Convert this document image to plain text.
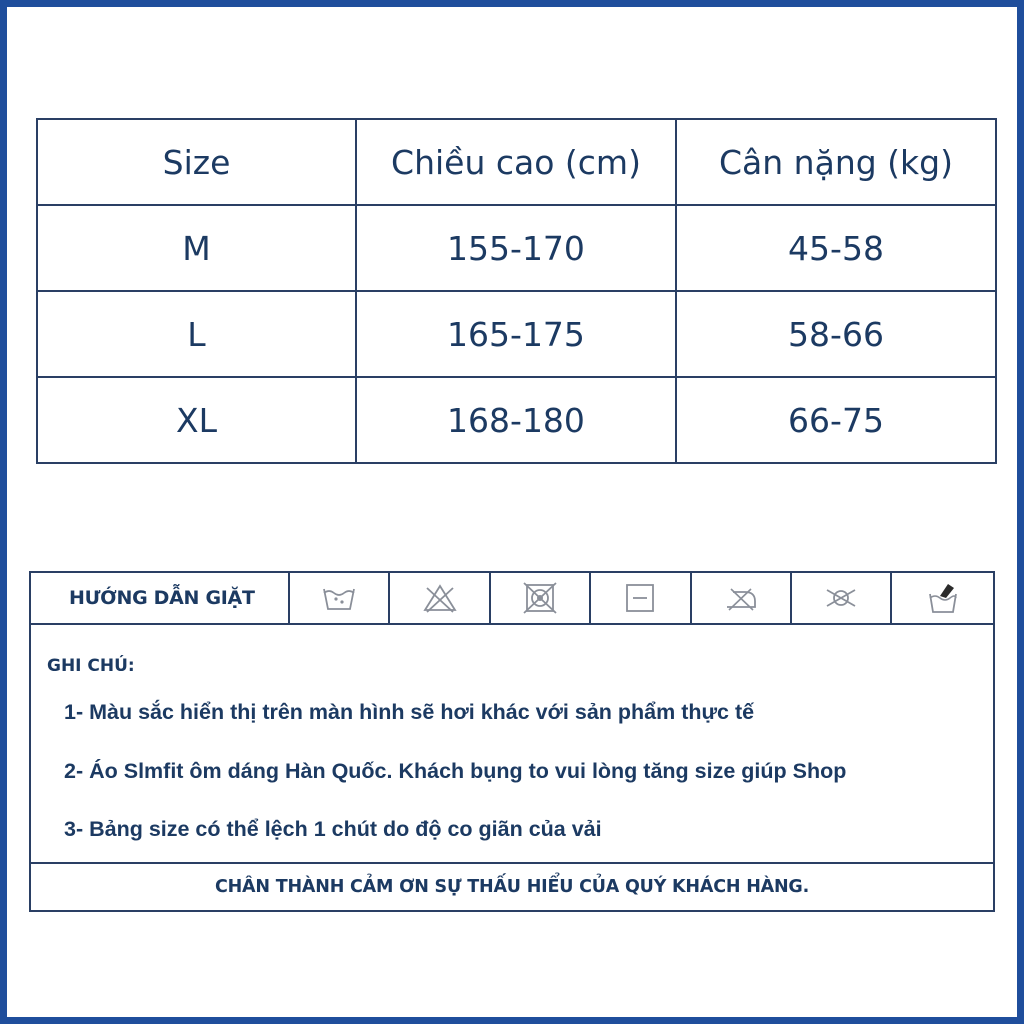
Size	Chiều cao (cm)	Cân nặng (kg)
M	155-170	45-58
L	165-175	58-66
XL	168-180	66-75
HƯỚNG DẪN GIẶT
GHI CHÚ:
1- Màu sắc hiển thị trên màn hình sẽ hơi khác với sản phẩm thực tế
2- Áo Slmfit ôm dáng Hàn Quốc. Khách bụng to vui lòng tăng size giúp Shop
3- Bảng size có thể lệch 1 chút do độ co giãn của vải
CHÂN THÀNH CẢM ƠN SỰ THẤU HIỂU CỦA QUÝ KHÁCH HÀNG.
